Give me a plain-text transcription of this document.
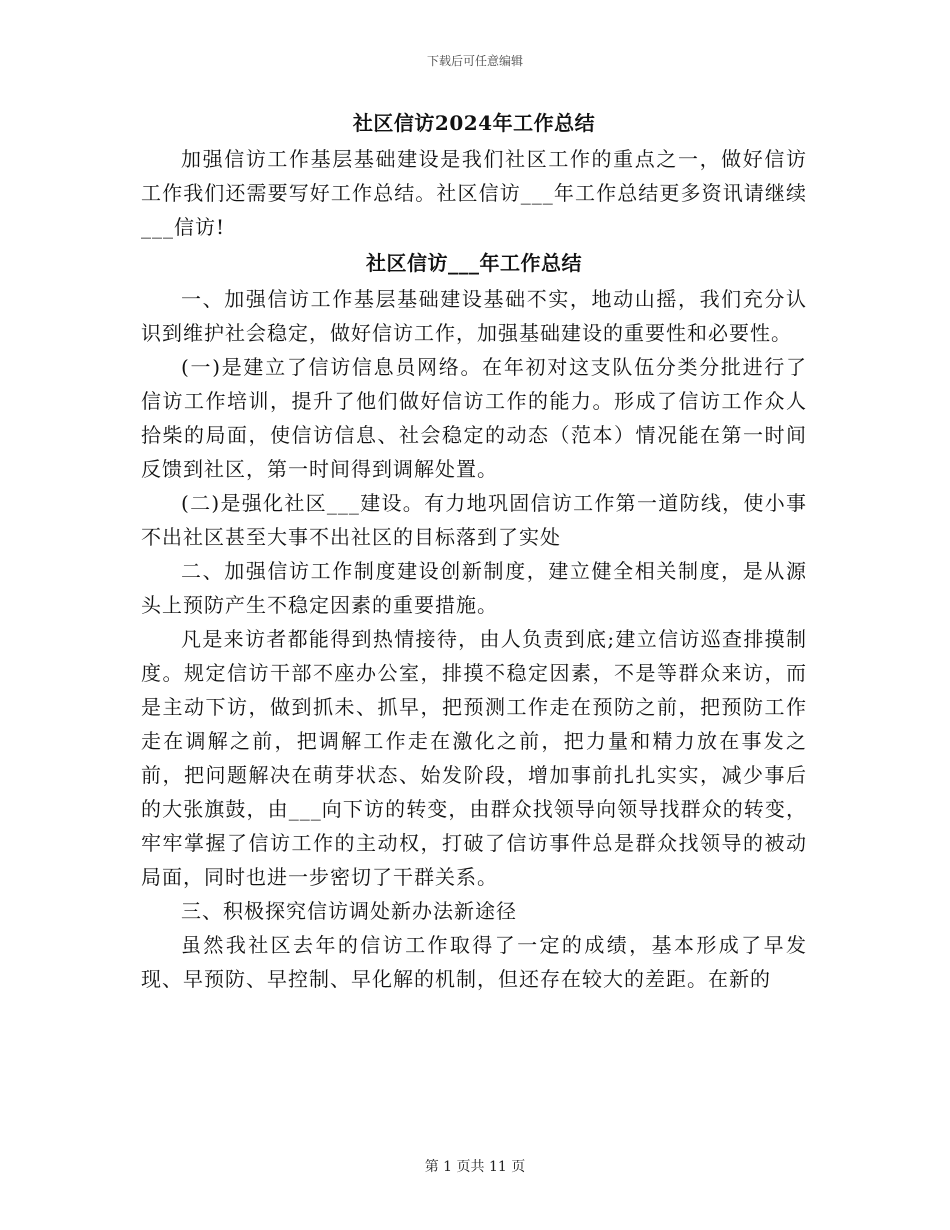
下载后可任意编辑
社区信访2024年工作总结

加强信访工作基层基础建设是我们社区工作的重点之一，做好信访工作我们还需要写好工作总结。社区信访___年工作总结更多资讯请继续___信访!

社区信访___年工作总结

一、加强信访工作基层基础建设基础不实，地动山摇，我们充分认识到维护社会稳定，做好信访工作，加强基础建设的重要性和必要性。

(一)是建立了信访信息员网络。在年初对这支队伍分类分批进行了信访工作培训，提升了他们做好信访工作的能力。形成了信访工作众人拾柴的局面，使信访信息、社会稳定的动态（范本）情况能在第一时间反馈到社区，第一时间得到调解处置。

(二)是强化社区___建设。有力地巩固信访工作第一道防线，使小事不出社区甚至大事不出社区的目标落到了实处

二、加强信访工作制度建设创新制度，建立健全相关制度，是从源头上预防产生不稳定因素的重要措施。

凡是来访者都能得到热情接待，由人负责到底;建立信访巡查排摸制度。规定信访干部不座办公室，排摸不稳定因素，不是等群众来访，而是主动下访，做到抓未、抓早，把预测工作走在预防之前，把预防工作走在调解之前，把调解工作走在激化之前，把力量和精力放在事发之前，把问题解决在萌芽状态、始发阶段，增加事前扎扎实实，减少事后的大张旗鼓，由___向下访的转变，由群众找领导向领导找群众的转变，牢牢掌握了信访工作的主动权，打破了信访事件总是群众找领导的被动局面，同时也进一步密切了干群关系。

三、积极探究信访调处新办法新途径

虽然我社区去年的信访工作取得了一定的成绩，基本形成了早发现、早预防、早控制、早化解的机制，但还存在较大的差距。在新的

第 1 页共 11 页
